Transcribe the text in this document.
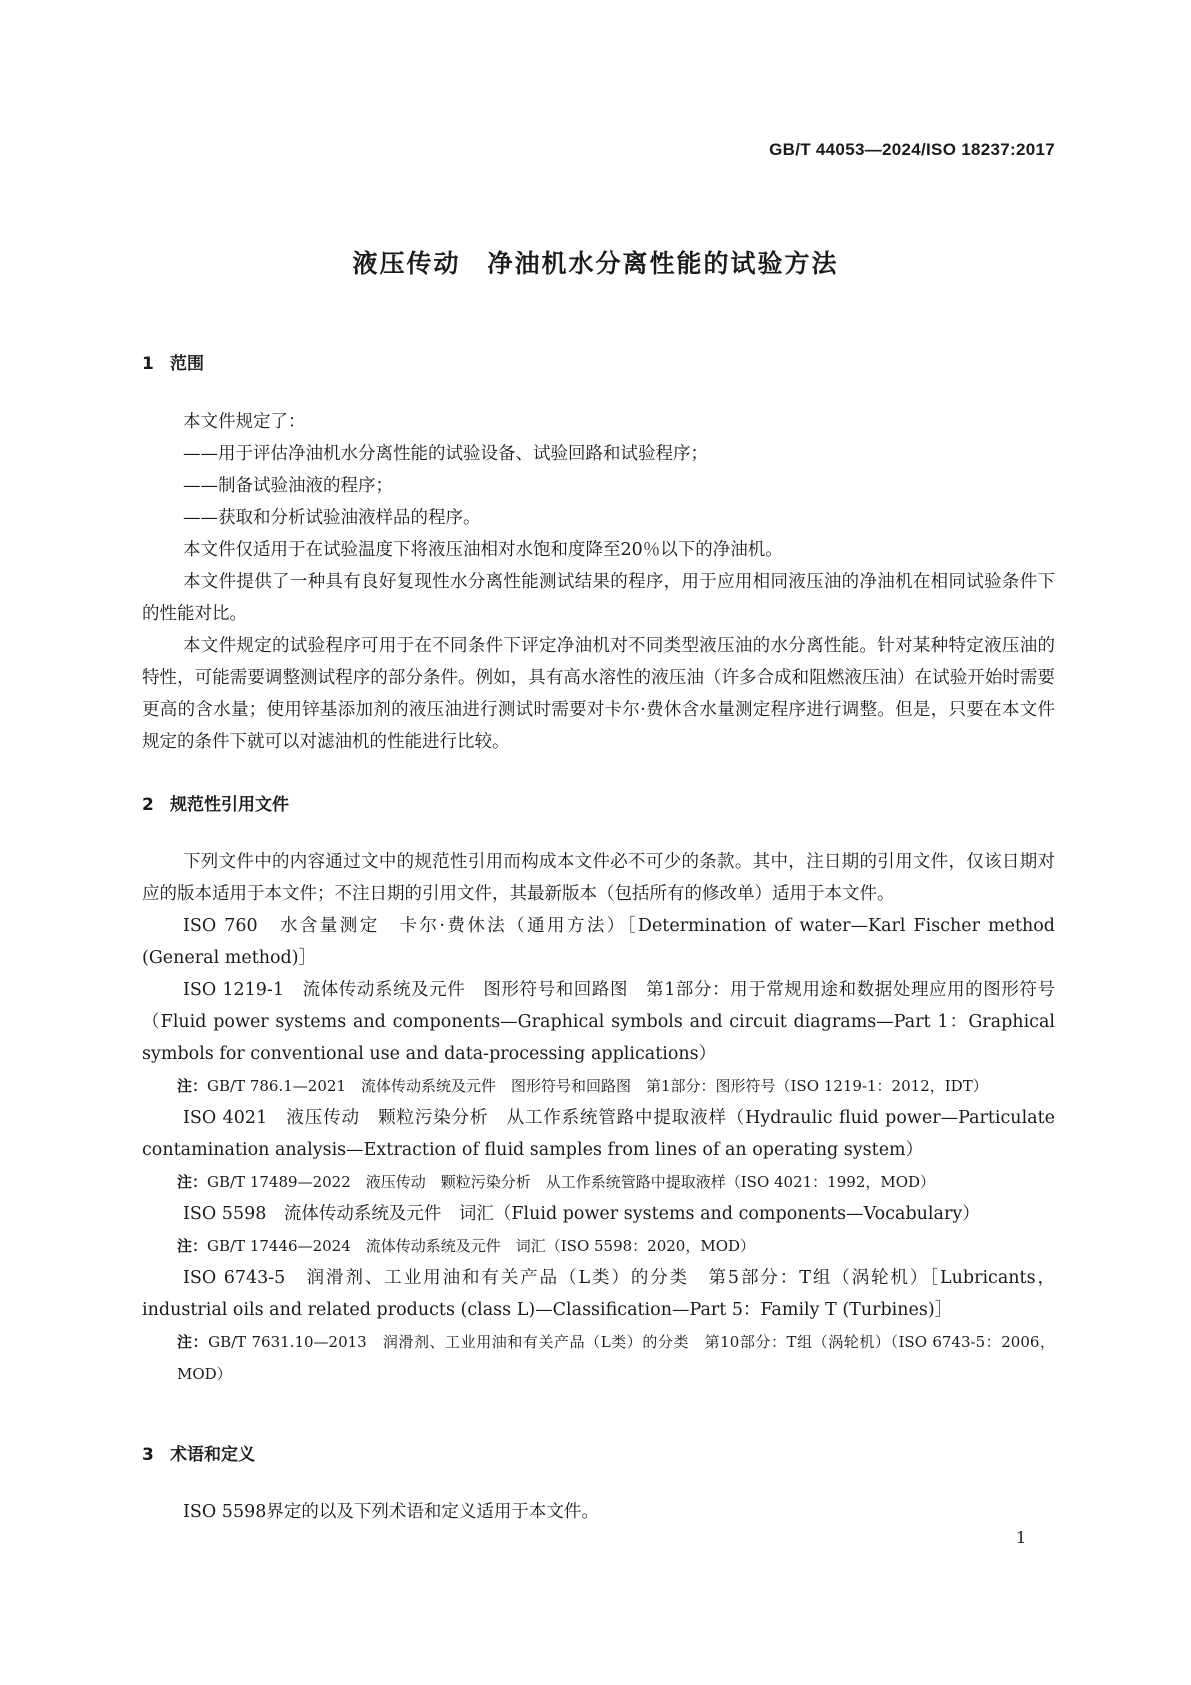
GB/T 44053—2024/ISO 18237:2017
液压传动　净油机水分离性能的试验方法
1 范围

本文件规定了：

——用于评估净油机水分离性能的试验设备、试验回路和试验程序；

——制备试验油液的程序；

——获取和分析试验油液样品的程序。

本文件仅适用于在试验温度下将液压油相对水饱和度降至20％以下的净油机。

本文件提供了一种具有良好复现性水分离性能测试结果的程序，用于应用相同液压油的净油机在相同试验条件下的性能对比。

本文件规定的试验程序可用于在不同条件下评定净油机对不同类型液压油的水分离性能。针对某种特定液压油的特性，可能需要调整测试程序的部分条件。例如，具有高水溶性的液压油（许多合成和阻燃液压油）在试验开始时需要更高的含水量；使用锌基添加剂的液压油进行测试时需要对卡尔·费休含水量测定程序进行调整。但是，只要在本文件规定的条件下就可以对滤油机的性能进行比较。

2 规范性引用文件

下列文件中的内容通过文中的规范性引用而构成本文件必不可少的条款。其中，注日期的引用文件，仅该日期对应的版本适用于本文件；不注日期的引用文件，其最新版本（包括所有的修改单）适用于本文件。

ISO 760　水含量测定　卡尔·费休法（通用方法）［Determination of water—Karl Fischer method (General method)］

ISO 1219-1　流体传动系统及元件　图形符号和回路图　第1部分：用于常规用途和数据处理应用的图形符号（Fluid power systems and components—Graphical symbols and circuit diagrams—Part 1：Graphical symbols for conventional use and data-processing applications）

注：GB/T 786.1—2021　流体传动系统及元件　图形符号和回路图　第1部分：图形符号（ISO 1219-1：2012，IDT）

ISO 4021　液压传动　颗粒污染分析　从工作系统管路中提取液样（Hydraulic fluid power—Particulate contamination analysis—Extraction of fluid samples from lines of an operating system）

注：GB/T 17489—2022　液压传动　颗粒污染分析　从工作系统管路中提取液样（ISO 4021：1992，MOD）

ISO 5598　流体传动系统及元件　词汇（Fluid power systems and components—Vocabulary）

注：GB/T 17446—2024　流体传动系统及元件　词汇（ISO 5598：2020，MOD）

ISO 6743-5　润滑剂、工业用油和有关产品（L类）的分类　第5部分：T组（涡轮机）［Lubricants，industrial oils and related products (class L)—Classification—Part 5：Family T (Turbines)］

注：GB/T 7631.10—2013　润滑剂、工业用油和有关产品（L类）的分类　第10部分：T组（涡轮机）（ISO 6743-5：2006，MOD）

3 术语和定义

ISO 5598界定的以及下列术语和定义适用于本文件。

1
